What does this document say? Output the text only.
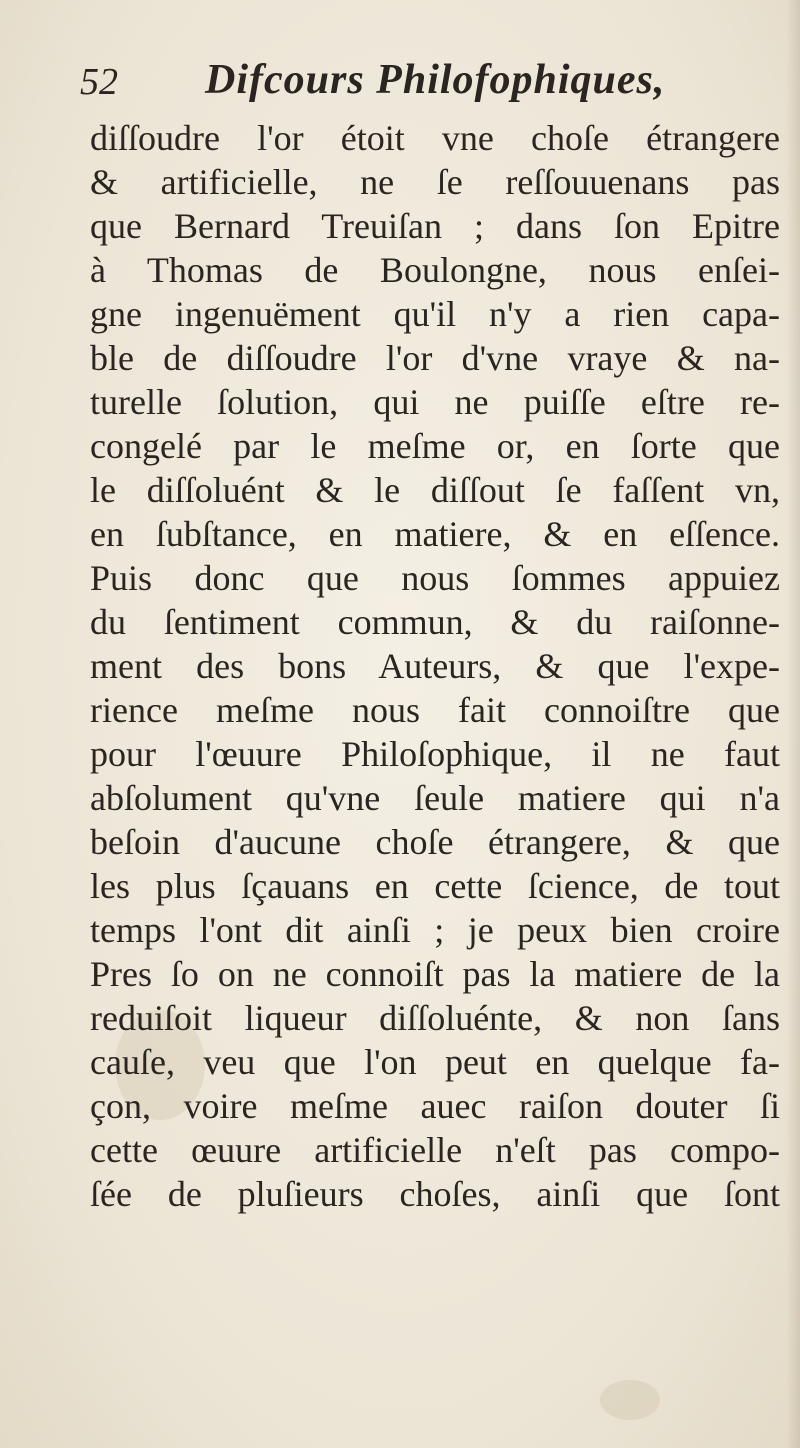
52 Difcours Philofophiques,
diſſoudre l'or étoit vne choſe étrangere
& artificielle, ne ſe reſſouuenans pas
que Bernard Treuiſan ; dans ſon Epitre
à Thomas de Boulongne, nous enſei-
gne ingenuëment qu'il n'y a rien capa-
ble de diſſoudre l'or d'vne vraye & na-
turelle ſolution, qui ne puiſſe eſtre re-
congelé par le meſme or, en ſorte que
le diſſoluént & le diſſout ſe faſſent vn,
en ſubſtance, en matiere, & en eſſence.
Puis donc que nous ſommes appuiez
du ſentiment commun, & du raiſonne-
ment des bons Auteurs, & que l'expe-
rience meſme nous fait connoiſtre que
pour l'œuure Philoſophique, il ne faut
abſolument qu'vne ſeule matiere qui n'a
beſoin d'aucune choſe étrangere, & que
les plus ſçauans en cette ſcience, de tout
temps l'ont dit ainſi ; je peux bien croire
Pres ſo on ne connoiſt pas la matiere de la
reduiſoit liqueur diſſoluénte, & non ſans
cauſe, veu que l'on peut en quelque fa-
çon, voire meſme auec raiſon douter ſi
cette œuure artificielle n'eſt pas compo-
ſée de pluſieurs choſes, ainſi que ſont
